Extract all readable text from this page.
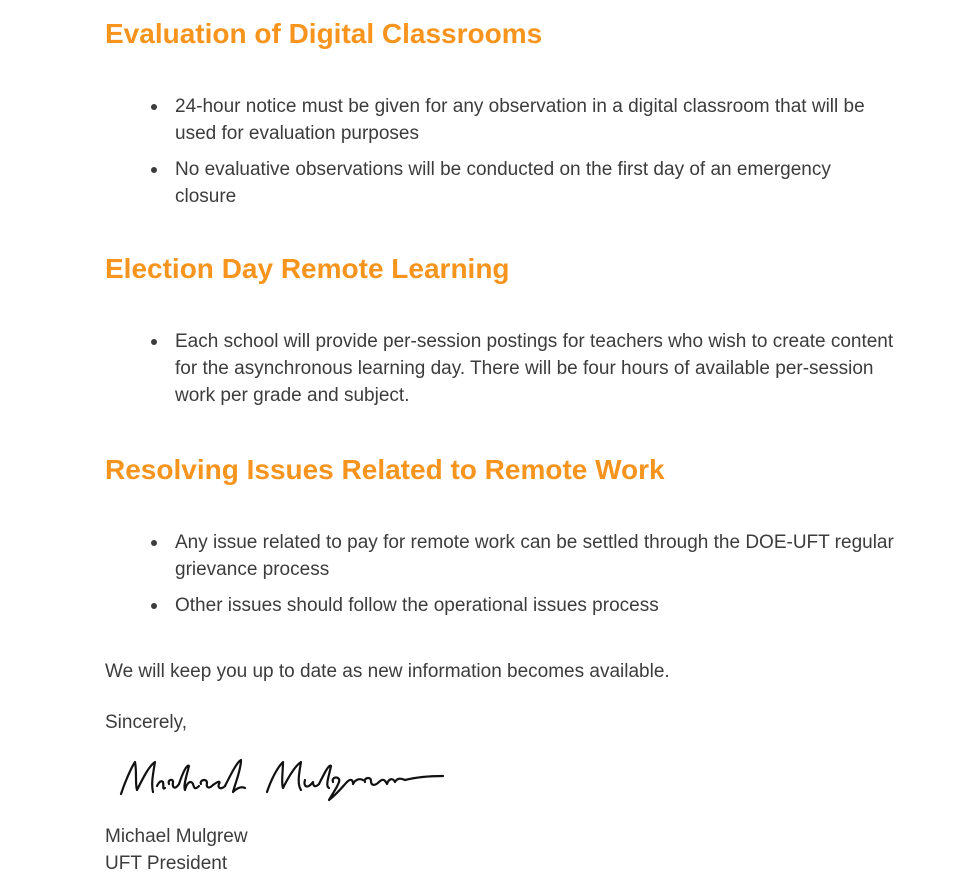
Evaluation of Digital Classrooms
24-hour notice must be given for any observation in a digital classroom that will be used for evaluation purposes
No evaluative observations will be conducted on the first day of an emergency closure
Election Day Remote Learning
Each school will provide per-session postings for teachers who wish to create content for the asynchronous learning day. There will be four hours of available per-session work per grade and subject.
Resolving Issues Related to Remote Work
Any issue related to pay for remote work can be settled through the DOE-UFT regular grievance process
Other issues should follow the operational issues process

We will keep you up to date as new information becomes available.

Sincerely,

Michael Mulgrew

UFT President
